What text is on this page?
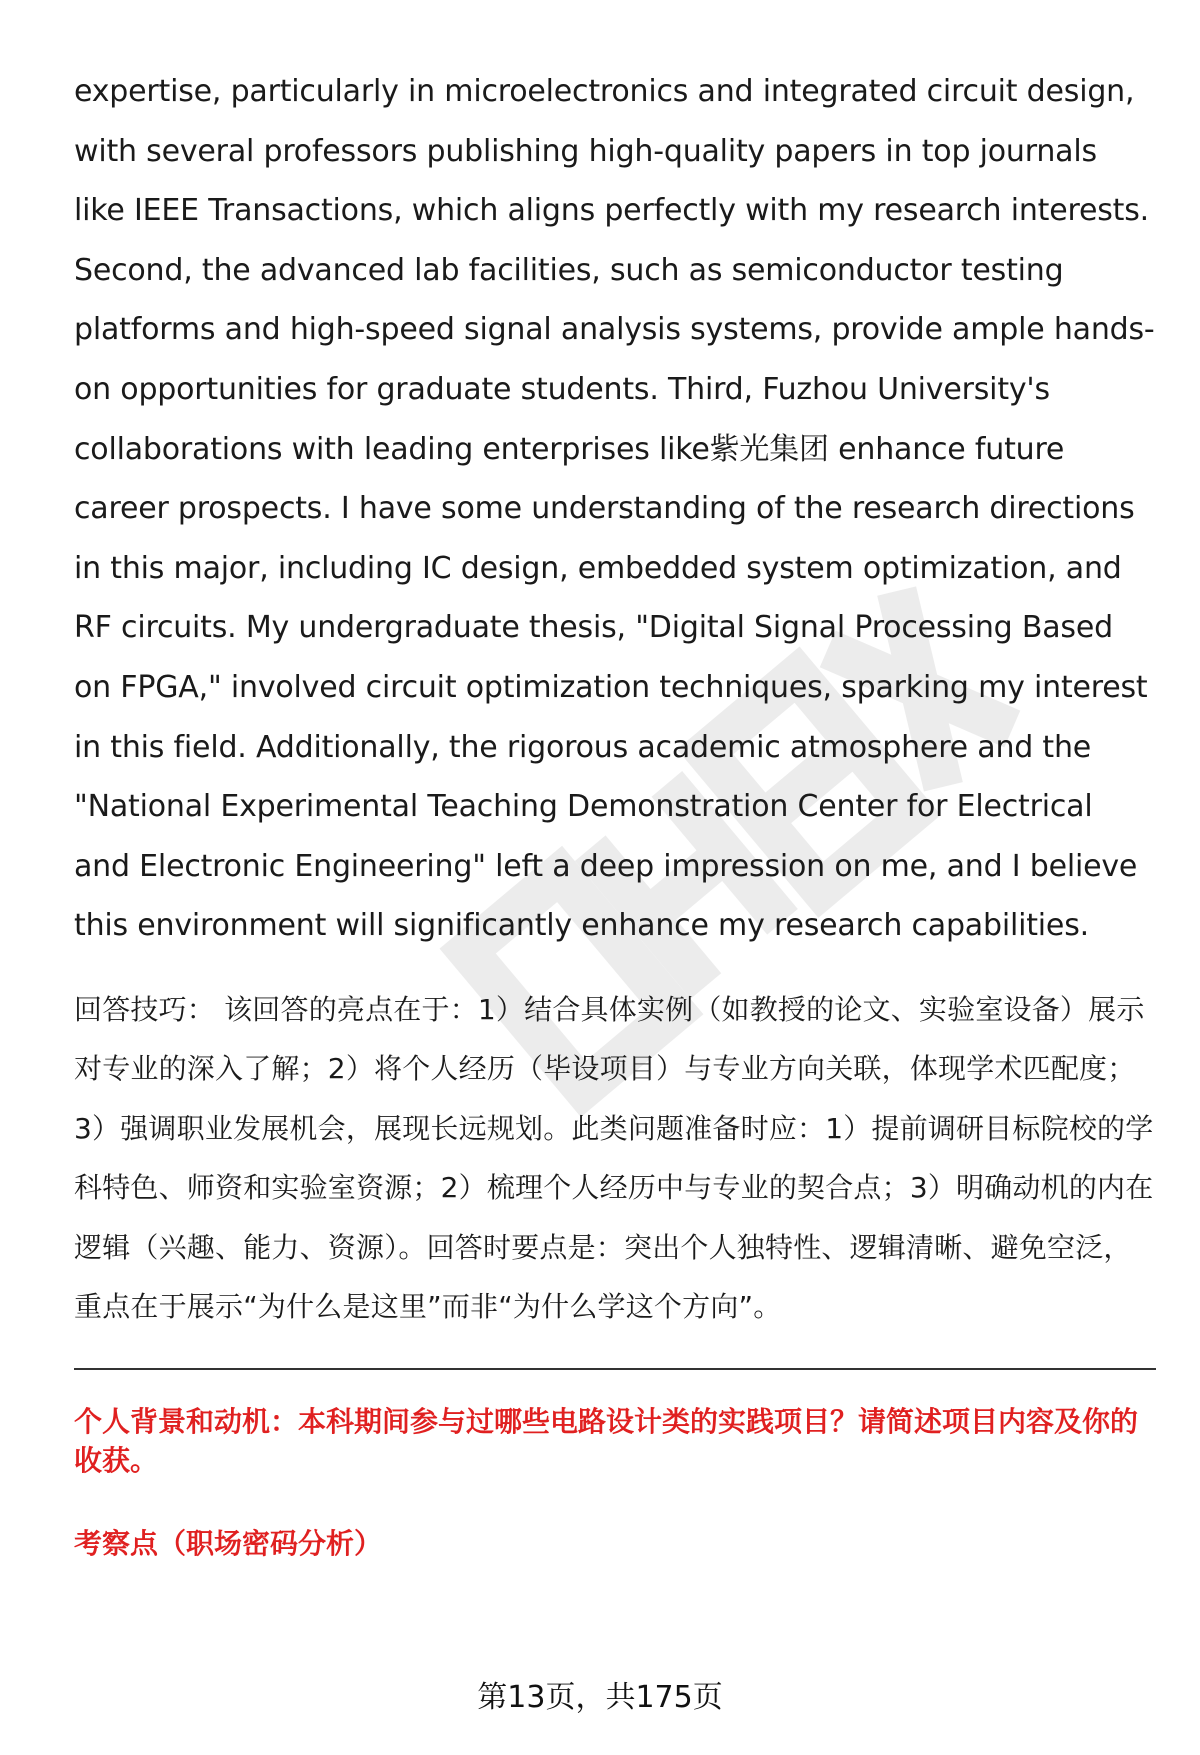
expertise, particularly in microelectronics and integrated circuit design, with several professors publishing high-quality papers in top journals like IEEE Transactions, which aligns perfectly with my research interests. Second, the advanced lab facilities, such as semiconductor testing platforms and high-speed signal analysis systems, provide ample hands-on opportunities for graduate students. Third, Fuzhou University's collaborations with leading enterprises like紫光集团 enhance future career prospects. I have some understanding of the research directions in this major, including IC design, embedded system optimization, and RF circuits. My undergraduate thesis, "Digital Signal Processing Based on FPGA," involved circuit optimization techniques, sparking my interest in this field. Additionally, the rigorous academic atmosphere and the "National Experimental Teaching Demonstration Center for Electrical and Electronic Engineering" left a deep impression on me, and I believe this environment will significantly enhance my research capabilities.

回答技巧： 该回答的亮点在于：1）结合具体实例（如教授的论文、实验室设备）展示对专业的深入了解；2）将个人经历（毕设项目）与专业方向关联，体现学术匹配度；3）强调职业发展机会，展现长远规划。此类问题准备时应：1）提前调研目标院校的学科特色、师资和实验室资源；2）梳理个人经历中与专业的契合点；3）明确动机的内在逻辑（兴趣、能力、资源）。回答时要点是：突出个人独特性、逻辑清晰、避免空泛，重点在于展示“为什么是这里”而非“为什么学这个方向”。
个人背景和动机：本科期间参与过哪些电路设计类的实践项目？请简述项目内容及你的收获。
考察点（职场密码分析）
第13页，共175页
